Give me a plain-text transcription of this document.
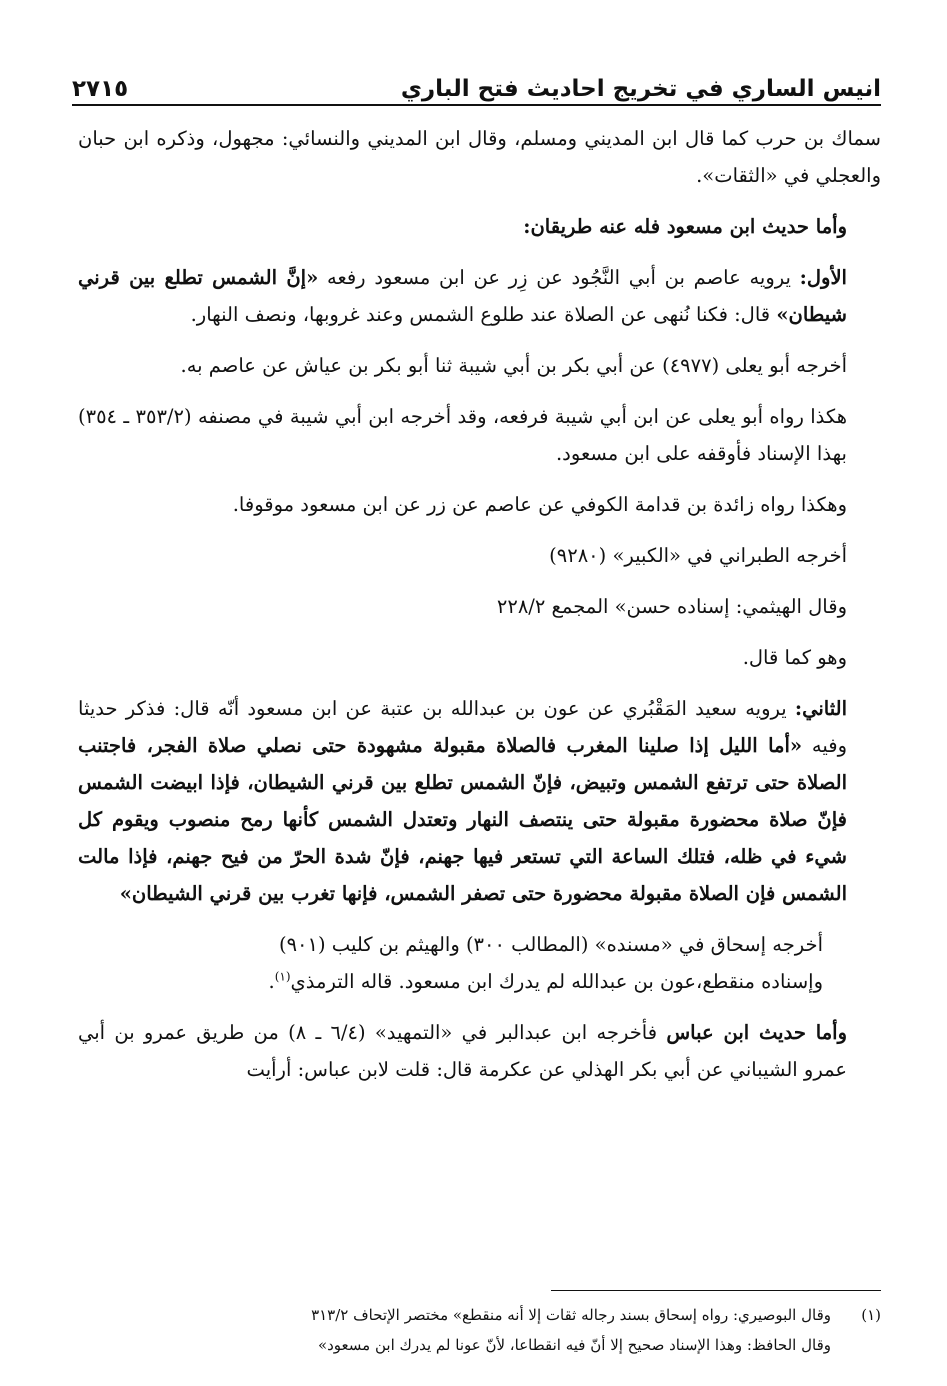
انيس الساري في تخريج احاديث فتح الباري
٢٧١٥

سماك بن حرب كما قال ابن المديني ومسلم، وقال ابن المديني والنسائي: مجهول، وذكره ابن حبان والعجلي في «الثقات».

وأما حديث ابن مسعود فله عنه طريقان:

الأول: يرويه عاصم بن أبي النَّجُود عن زِر عن ابن مسعود رفعه «إنَّ الشمس تطلع بين قرني شيطان» قال: فكنا نُنهى عن الصلاة عند طلوع الشمس وعند غروبها، ونصف النهار.

أخرجه أبو يعلى (٤٩٧٧) عن أبي بكر بن أبي شيبة ثنا أبو بكر بن عياش عن عاصم به.

هكذا رواه أبو يعلى عن ابن أبي شيبة فرفعه، وقد أخرجه ابن أبي شيبة في مصنفه (٣٥٣/٢ ـ ٣٥٤) بهذا الإسناد فأوقفه على ابن مسعود.

وهكذا رواه زائدة بن قدامة الكوفي عن عاصم عن زر عن ابن مسعود موقوفا.

أخرجه الطبراني في «الكبير» (٩٢٨٠)

وقال الهيثمي: إسناده حسن» المجمع ٢٢٨/٢

وهو كما قال.

الثاني: يرويه سعيد المَقْبُري عن عون بن عبدالله بن عتبة عن ابن مسعود أنّه قال: فذكر حديثا وفيه «أما الليل إذا صلينا المغرب فالصلاة مقبولة مشهودة حتى نصلي صلاة الفجر، فاجتنب الصلاة حتى ترتفع الشمس وتبيض، فإنّ الشمس تطلع بين قرني الشيطان، فإذا ابيضت الشمس فإنّ صلاة محضورة مقبولة حتى ينتصف النهار وتعتدل الشمس كأنها رمح منصوب ويقوم كل شيء في ظله، فتلك الساعة التي تستعر فيها جهنم، فإنّ شدة الحرّ من فيح جهنم، فإذا مالت الشمس فإن الصلاة مقبولة محضورة حتى تصفر الشمس، فإنها تغرب بين قرني الشيطان»

أخرجه إسحاق في «مسنده» (المطالب ٣٠٠) والهيثم بن كليب (٩٠١)

وإسناده منقطع،عون بن عبدالله لم يدرك ابن مسعود. قاله الترمذي$^{(١)}$.

وأما حديث ابن عباس فأخرجه ابن عبدالبر في «التمهيد» (٦/٤ ـ ٨) من طريق عمرو بن أبي عمرو الشيباني عن أبي بكر الهذلي عن عكرمة قال: قلت لابن عباس: أرأيت

(١)
وقال البوصيري: رواه إسحاق بسند رجاله ثقات إلا أنه منقطع» مختصر الإتحاف ٣١٣/٢
وقال الحافظ: وهذا الإسناد صحيح إلا أنّ فيه انقطاعا، لأنّ عونا لم يدرك ابن مسعود»
